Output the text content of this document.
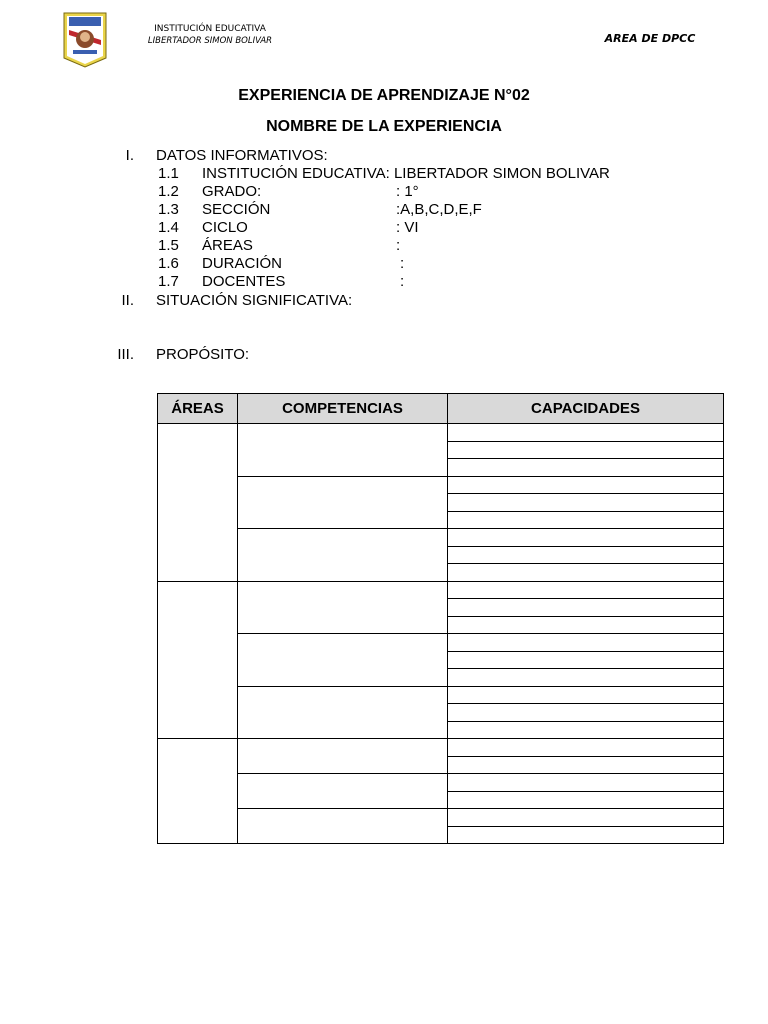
INSTITUCIÓN EDUCATIVA
LIBERTADOR SIMON BOLIVAR	AREA DE DPCC
EXPERIENCIA DE APRENDIZAJE N°02
NOMBRE DE LA EXPERIENCIA
I. DATOS INFORMATIVOS:
1.1 INSTITUCIÓN EDUCATIVA: LIBERTADOR SIMON BOLIVAR
1.2 GRADO:	: 1°
1.3 SECCIÓN	:A,B,C,D,E,F
1.4 CICLO	: VI
1.5 ÁREAS	:
1.6 DURACIÓN	:
1.7 DOCENTES	:
II. SITUACIÓN SIGNIFICATIVA:
III. PROPÓSITO:
ÁREAS	COMPETENCIAS	CAPACIDADES
